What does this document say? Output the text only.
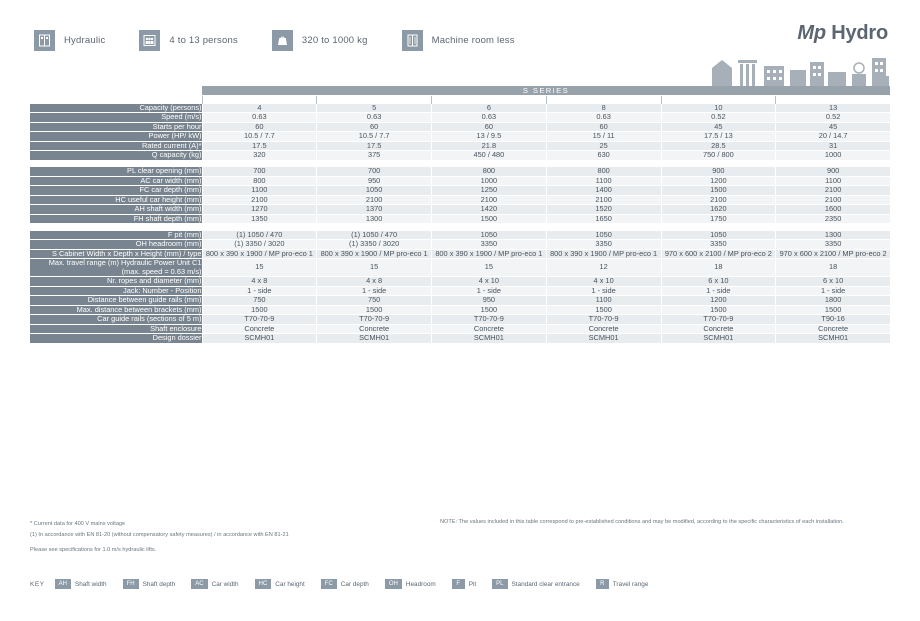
Hydraulic	4 to 13 persons	320 to 1000 kg	Machine room less	Mp Hydro
	S SERIES					

Capacity (persons)	4	5	6	8	10	13
Speed (m/s)	0.63	0.63	0.63	0.63	0.52	0.52
Starts per hour	60	60	60	60	45	45
Power (HP/ kW)	10.5 / 7.7	10.5 / 7.7	13 / 9.5	15 / 11	17.5 / 13	20 / 14.7
Rated current (A)*	17.5	17.5	21.8	25	28.5	31
Q capacity (kg)	320	375	450 / 480	630	750 / 800	1000

PL clear opening (mm)	700	700	800	800	900	900
AC car width (mm)	800	950	1000	1100	1200	1100
FC car depth (mm)	1100	1050	1250	1400	1500	2100
HC useful car height (mm)	2100	2100	2100	2100	2100	2100
AH shaft width (mm)	1270	1370	1420	1520	1620	1600
FH shaft depth (mm)	1350	1300	1500	1650	1750	2350

F pit (mm)	(1) 1050 / 470	(1) 1050 / 470	1050	1050	1050	1300
OH headroom (mm)	(1) 3350 / 3020	(1) 3350 / 3020	3350	3350	3350	3350
S Cabinet Width x Depth x Height (mm) / type	800 x 390 x 1900 / MP pro-eco 1	800 x 390 x 1900 / MP pro-eco 1	800 x 390 x 1900 / MP pro-eco 1	800 x 390 x 1900 / MP pro-eco 1	970 x 600 x 2100 / MP pro-eco 2	970 x 600 x 2100 / MP pro-eco 2
Max. travel range (m) Hydraulic Power Unit C1 (max. speed = 0.63 m/s)	15	15	15	12	18	18
Nr. ropes and diameter (mm)	4 x 8	4 x 8	4 x 10	4 x 10	6 x 10	6 x 10
Jack: Number - Position	1 - side	1 - side	1 - side	1 - side	1 - side	1 - side
Distance between guide rails (mm)	750	750	950	1100	1200	1800
Max. distance between brackets (mm)	1500	1500	1500	1500	1500	1500
Car guide rails (sections of 5 m)	T70-70-9	T70-70-9	T70-70-9	T70-70-9	T70-70-9	T90-16
Shaft enclosure	Concrete	Concrete	Concrete	Concrete	Concrete	Concrete
Design dossier	SCMH01	SCMH01	SCMH01	SCMH01	SCMH01	SCMH01
* Current data for 400 V mains voltage
(1) In accordance with EN 81-20 (without compensatory safety measures) / in accordance with EN 81-21
NOTE: The values included in this table correspond to pre-established conditions and may be modified, according to the specific characteristics of each installation.
Please see specifications for 1.0 m/s hydraulic lifts.
KEY	AH	Shaft width	FH	Shaft depth	AC	Car width	HC	Car height	FC	Car depth	OH	Headroom	F	Pit	PL	Standard clear entrance	R	Travel range
